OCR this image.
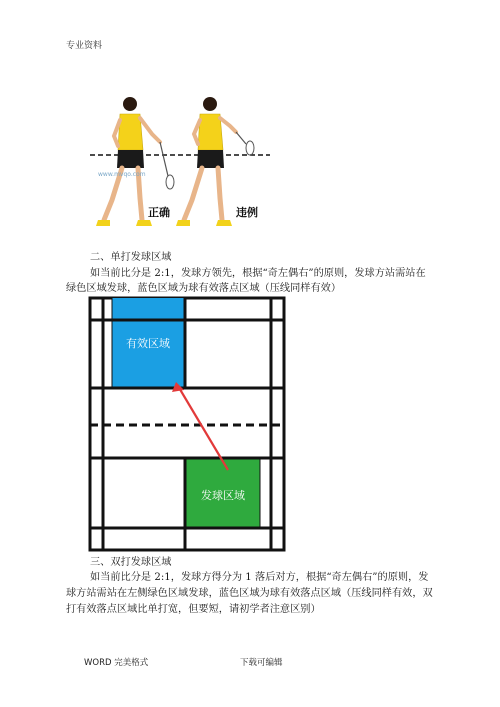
专业资料
www.mvqo.com
正确	违例
二、单打发球区域
如当前比分是 2:1，发球方领先，根据“奇左偶右”的原则，发球方站需站在
绿色区域发球，蓝色区域为球有效落点区域（压线同样有效）
有效区域
发球区域
三、双打发球区域
如当前比分是 2:1，发球方得分为 1 落后对方，根据“奇左偶右”的原则，发
球方站需站在左侧绿色区域发球，蓝色区域为球有效落点区域（压线同样有效，双
打有效落点区域比单打宽，但要短，请初学者注意区别）
WORD 完美格式	下载可编辑
